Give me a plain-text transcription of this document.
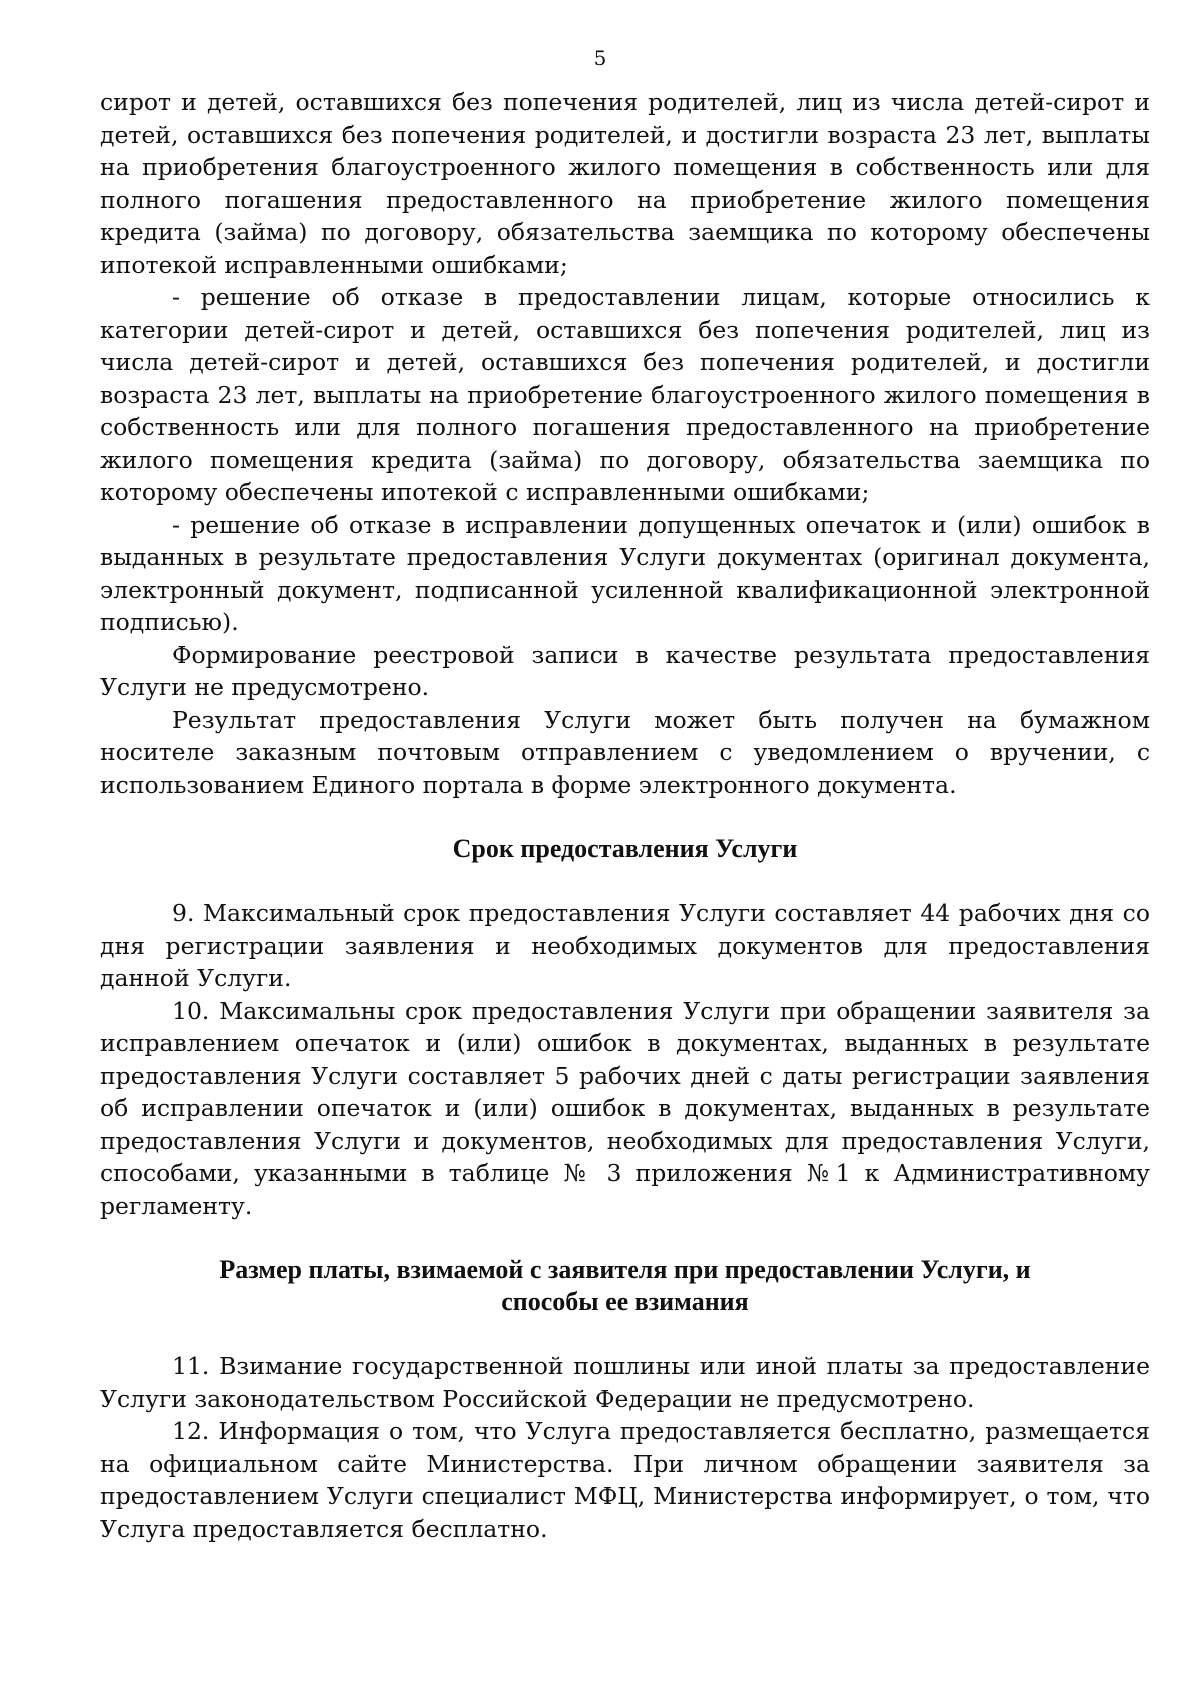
5

сирот и детей, оставшихся без попечения родителей, лиц из числа детей-сирот и детей, оставшихся без попечения родителей, и достигли возраста 23 лет, выплаты на приобретения благоустроенного жилого помещения в собственность или для полного погашения предоставленного на приобретение жилого помещения кредита (займа) по договору, обязательства заемщика по которому обеспечены ипотекой исправленными ошибками;

- решение об отказе в предоставлении лицам, которые относились к категории детей-сирот и детей, оставшихся без попечения родителей, лиц из числа детей-сирот и детей, оставшихся без попечения родителей, и достигли возраста 23 лет, выплаты на приобретение благоустроенного жилого помещения в собственность или для полного погашения предоставленного на приобретение жилого помещения кредита (займа) по договору, обязательства заемщика по которому обеспечены ипотекой с исправленными ошибками;

- решение об отказе в исправлении допущенных опечаток и (или) ошибок в выданных в результате предоставления Услуги документах (оригинал документа, электронный документ, подписанной усиленной квалификационной электронной подписью).

Формирование реестровой записи в качестве результата предоставления Услуги не предусмотрено.

Результат предоставления Услуги может быть получен на бумажном носителе заказным почтовым отправлением с уведомлением о вручении, с использованием Единого портала в форме электронного документа.

Срок предоставления Услуги

9. Максимальный срок предоставления Услуги составляет 44 рабочих дня со дня регистрации заявления и необходимых документов для предоставления данной Услуги.

10. Максимальны срок предоставления Услуги при обращении заявителя за исправлением опечаток и (или) ошибок в документах, выданных в результате предоставления Услуги составляет 5 рабочих дней с даты регистрации заявления об исправлении опечаток и (или) ошибок в документах, выданных в результате предоставления Услуги и документов, необходимых для предоставления Услуги, способами, указанными в таблице № 3 приложения №1 к Административному регламенту.

Размер платы, взимаемой с заявителя при предоставлении Услуги, и
способы ее взимания

11. Взимание государственной пошлины или иной платы за предоставление Услуги законодательством Российской Федерации не предусмотрено.

12. Информация о том, что Услуга предоставляется бесплатно, размещается на официальном сайте Министерства. При личном обращении заявителя за предоставлением Услуги специалист МФЦ, Министерства информирует, о том, что Услуга предоставляется бесплатно.
